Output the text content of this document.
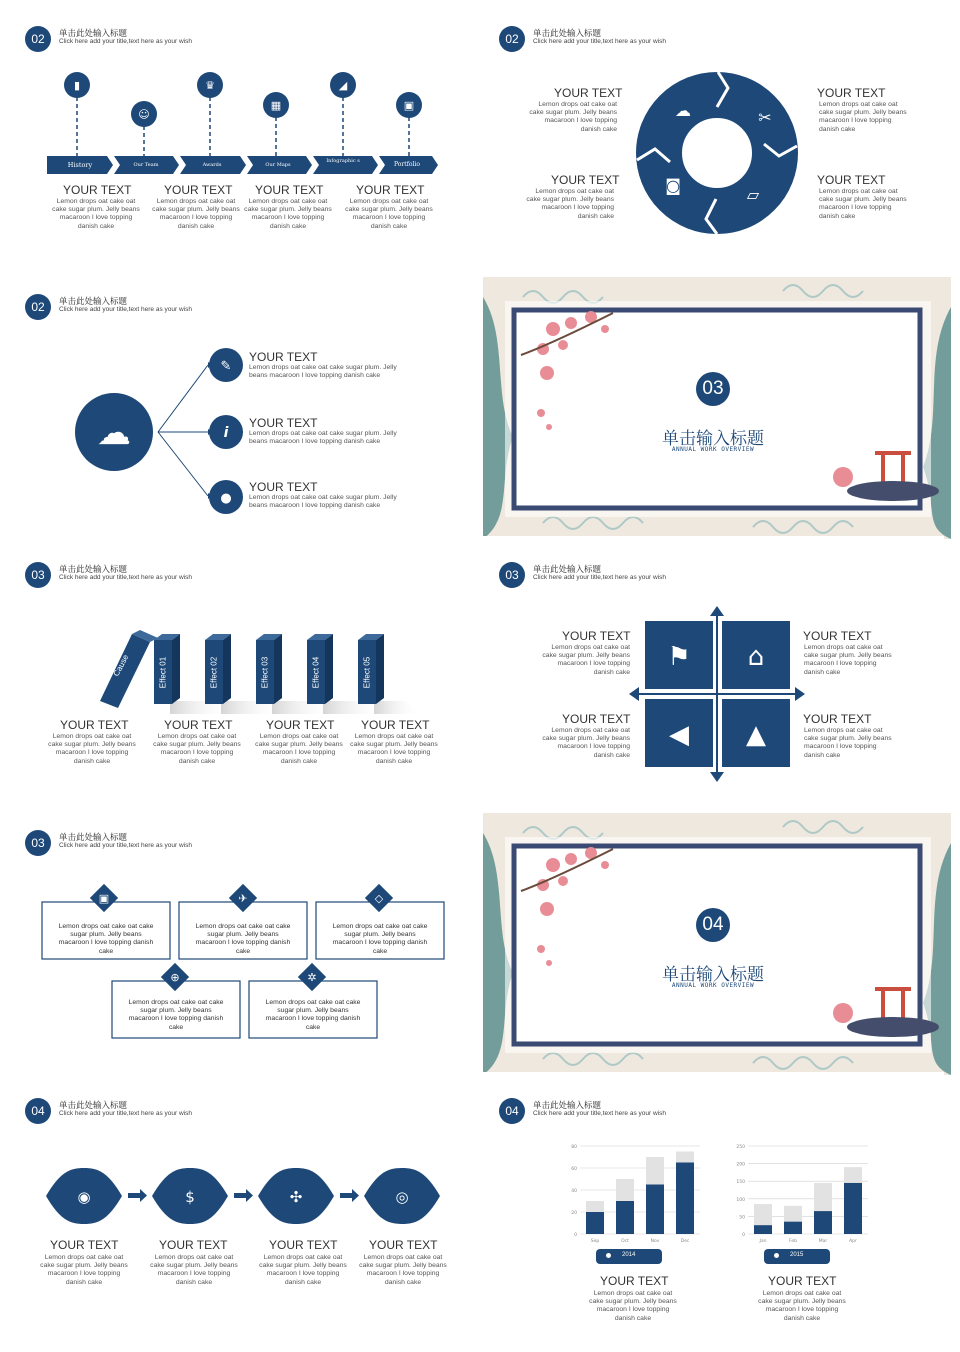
02	单击此处输入标题
Click here add your title,text here as your wish
▮
☺
♛
▦
◢
▣
History	Our Team	Awards	Our Maps
Infographic s	Portfolio
YOUR TEXT
Lemon drops oat cake oat cake sugar plum. Jelly beans macaroon I love topping danish cake
YOUR TEXT
Lemon drops oat cake oat cake sugar plum. Jelly beans macaroon I love topping danish cake
YOUR TEXT
Lemon drops oat cake oat cake sugar plum. Jelly beans macaroon I love topping danish cake
YOUR TEXT
Lemon drops oat cake oat cake sugar plum. Jelly beans macaroon I love topping danish cake
02	单击此处输入标题
Click here add your title,text here as your wish
☁	✂
◙	▱
YOUR TEXT
Lemon drops oat cake oat cake sugar plum. Jelly beans macaroon I love topping danish cake
YOUR TEXT
Lemon drops oat cake oat cake sugar plum. Jelly beans macaroon I love topping danish cake
YOUR TEXT
Lemon drops oat cake oat cake sugar plum. Jelly beans macaroon I love topping danish cake
YOUR TEXT
Lemon drops oat cake oat cake sugar plum. Jelly beans macaroon I love topping danish cake
02	单击此处输入标题
Click here add your title,text here as your wish
☁
✎
i
●
YOUR TEXT
Lemon drops oat cake oat cake sugar plum. Jelly beans macaroon I love topping danish cake
YOUR TEXT
Lemon drops oat cake oat cake sugar plum. Jelly beans macaroon I love topping danish cake
YOUR TEXT
Lemon drops oat cake oat cake sugar plum. Jelly beans macaroon I love topping danish cake
03
单击输入标题
ANNUAL WORK OVERVIEW
03	单击此处输入标题
Click here add your title,text here as your wish
Cause	Effect 01	Effect 02	Effect 03	Effect 04	Effect 05
YOUR TEXT
Lemon drops oat cake oat cake sugar plum. Jelly beans macaroon I love topping danish cake
YOUR TEXT
Lemon drops oat cake oat cake sugar plum. Jelly beans macaroon I love topping danish cake
YOUR TEXT
Lemon drops oat cake oat cake sugar plum. Jelly beans macaroon I love topping danish cake
YOUR TEXT
Lemon drops oat cake oat cake sugar plum. Jelly beans macaroon I love topping danish cake
03	单击此处输入标题
Click here add your title,text here as your wish
⚑ ⌂
◀ ▲
YOUR TEXT
Lemon drops oat cake oat cake sugar plum. Jelly beans macaroon I love topping danish cake
YOUR TEXT
Lemon drops oat cake oat cake sugar plum. Jelly beans macaroon I love topping danish cake
YOUR TEXT
Lemon drops oat cake oat cake sugar plum. Jelly beans macaroon I love topping danish cake
YOUR TEXT
Lemon drops oat cake oat cake sugar plum. Jelly beans macaroon I love topping danish cake
03	单击此处输入标题
Click here add your title,text here as your wish
▣	✈	◇
⊕	✲
Lemon drops oat cake oat cake sugar plum. Jelly beans macaroon I love topping danish cake
Lemon drops oat cake oat cake sugar plum. Jelly beans macaroon I love topping danish cake
Lemon drops oat cake oat cake sugar plum. Jelly beans macaroon I love topping danish cake
Lemon drops oat cake oat cake sugar plum. Jelly beans macaroon I love topping danish cake
Lemon drops oat cake oat cake sugar plum. Jelly beans macaroon I love topping danish cake
04
单击输入标题
ANNUAL WORK OVERVIEW
04	单击此处输入标题
Click here add your title,text here as your wish
◉	$	✣	◎
YOUR TEXT
Lemon drops oat cake oat cake sugar plum. Jelly beans macaroon I love topping danish cake
YOUR TEXT
Lemon drops oat cake oat cake sugar plum. Jelly beans macaroon I love topping danish cake
YOUR TEXT
Lemon drops oat cake oat cake sugar plum. Jelly beans macaroon I love topping danish cake
YOUR TEXT
Lemon drops oat cake oat cake sugar plum. Jelly beans macaroon I love topping danish cake
04	单击此处输入标题
Click here add your title,text here as your wish
0
20
40
60
80
Sep	Oct	Nov	Dec
0
50
100
150
200
250
Jan	Feb	Mar	Apr
2014	2015
YOUR TEXT
Lemon drops oat cake oat cake sugar plum. Jelly beans macaroon I love topping danish cake
YOUR TEXT
Lemon drops oat cake oat cake sugar plum. Jelly beans macaroon I love topping danish cake
